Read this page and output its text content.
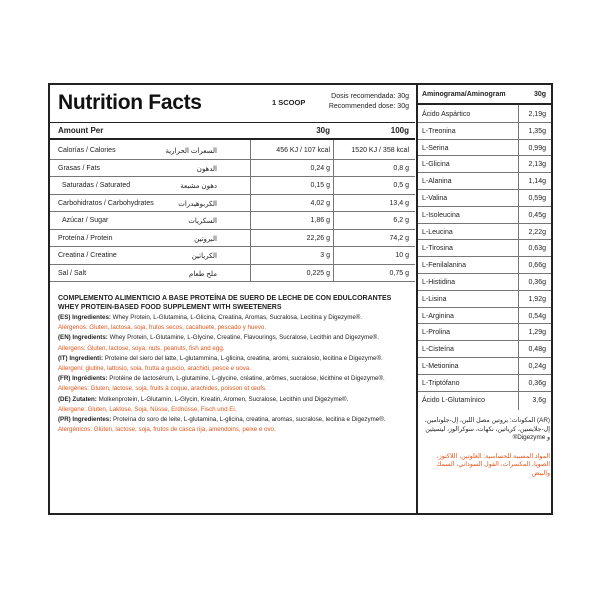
Nutrition Facts	1 SCOOP
Dosis recomendada: 30g
Recommended dose: 30g
Amount Per	30g	100g
Calorías / Calories	السعرات الحرارية	456 KJ / 107 kcal	1520 KJ / 358 kcal
Grasas / Fats	الدهون	0,24 g	0,8 g
Saturadas / Saturated	دهون مشبعة	0,15 g	0,5 g
Carbohidratos / Carbohydrates	الكربوهيدرات	4,02 g	13,4 g
Azúcar / Sugar	السكريات	1,86 g	6,2 g
Proteína / Protein	البروتين	22,26 g	74,2 g
Creatina / Creatine	الكرياتين	3 g	10 g
Sal / Salt	ملح طعام	0,225 g	0,75 g
COMPLEMENTO ALIMENTICIO A BASE PROTEÍNA DE SUERO DE LECHE DE CON EDULCORANTES
WHEY PROTEIN-BASED FOOD SUPPLEMENT WITH SWEETENERS

(ES) Ingredientes: Whey Protein, L-Glutamina, L-Glicina, Creatina, Aromas, Sucralosa, Lecitina y Digezyme®.

Alérgenos: Gluten, lactosa, soja, frutos secos, cacahuete, pescado y huevo.

(EN) Ingredients: Whey Protein, L-Glutamine, L-Glycine, Creatine, Flavourings, Sucralose, Lecithin and Digezyme®.

Allergens: Gluten, lactose, soya, nuts, peanuts, fish and egg.

(IT) Ingredienti: Proteine del siero del latte, L-glutammina, L-glicina, creatina, aromi, sucralosio, lecitina e Digezyme®.

Allergeni: glutine, lattosio, soia, frutta a guscio, arachidi, pesce e uova.

(FR) Ingrédients: Protéine de lactosérum, L-glutamine, L-glycine, créatine, arômes, sucralose, lécithine et Digezyme®.

Allergènes: Gluten, lactose, soja, fruits à coque, arachides, poisson et œufs.

(DE) Zutaten: Molkenprotein, L-Glutamin, L-Glycin, Kreatin, Aromen, Sucralose, Lecithin und Digezyme®.

Allergene: Gluten, Laktose, Soja, Nüsse, Erdnüsse, Fisch und Ei.

(PR) Ingredientes: Proteína do soro de leite, L-glutamina, L-glicina, creatina, aromas, sucralose, lecitina e Digezyme®.

Alergénicos: Glúten, lactose, soja, frutos de casca rija, amendoins, peixe e ovo.

Aminograma/Aminogram	30g
Ácido Aspártico	2,19g
L-Treonina	1,35g
L-Serina	0,99g
L-Glicina	2,13g
L-Alanina	1,14g
L-Valina	0,59g
L-Isoleucina	0,45g
L-Leucina	2,22g
L-Tirosina	0,63g
L-Fenilalanina	0,66g
L-Histidina	0,36g
L-Lisina	1,92g
L-Arginina	0,54g
L-Prolina	1,29g
L-Cisteína	0,48g
L-Metionina	0,24g
L-Triptófano	0,36g
Ácido L-Glutamínico	3,6g
(AR) المكونات: بروتين مصل اللبن، إل-جلوتامين، إل-جلايسين، كرياتين، نكهات، سوكرالوز، ليسيثين و Digezyme®
المواد المسببة للحساسية: الغلوتين، اللاكتوز، الصويا، المكسرات، الفول السوداني، السمك والبيض
